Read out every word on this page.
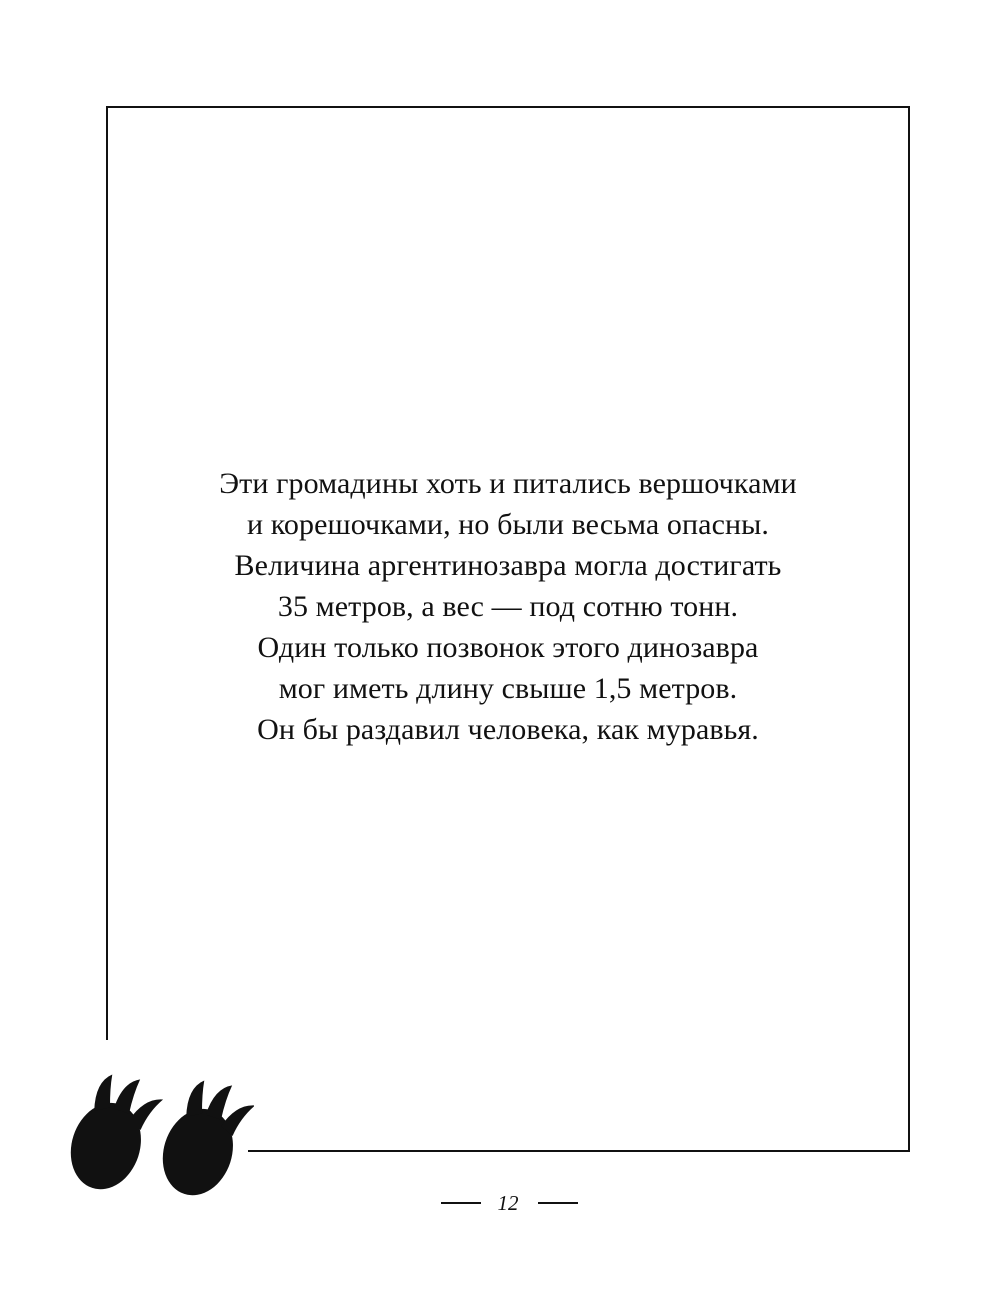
Эти громадины хоть и питались вершочками
и корешочками, но были весьма опасны.
Величина аргентинозавра могла достигать
35 метров, а вес — под сотню тонн.
Один только позвонок этого динозавра
мог иметь длину свыше 1,5 метров.
Он бы раздавил человека, как муравья.
12
